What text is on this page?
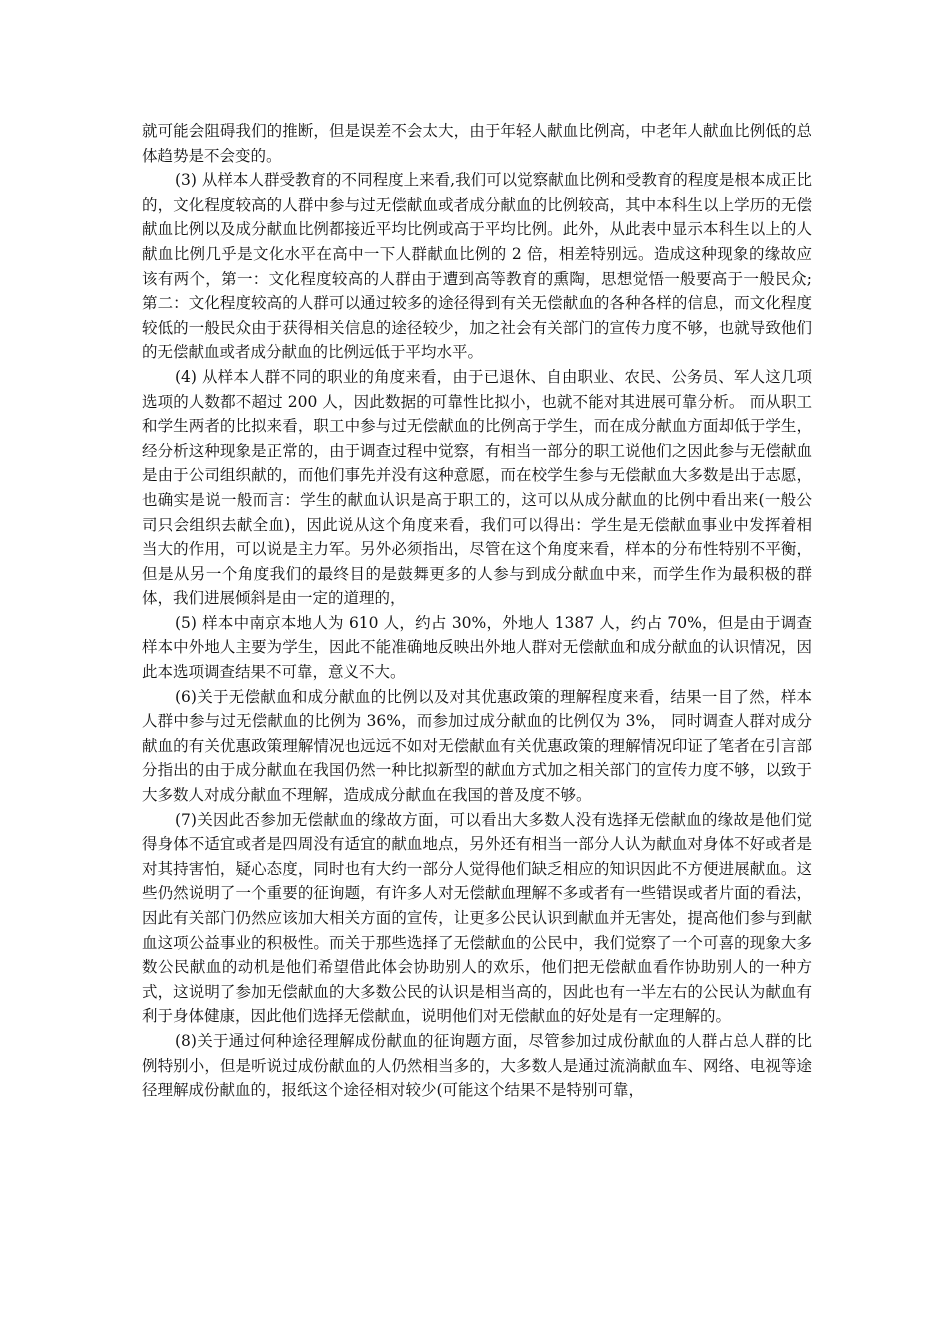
就可能会阻碍我们的推断，但是误差不会太大，由于年轻人献血比例高，中老年人献血比例低的总体趋势是不会变的。

(3) 从样本人群受教育的不同程度上来看,我们可以觉察献血比例和受教育的程度是根本成正比的，文化程度较高的人群中参与过无偿献血或者成分献血的比例较高，其中本科生以上学历的无偿献血比例以及成分献血比例都接近平均比例或高于平均比例。此外，从此表中显示本科生以上的人献血比例几乎是文化水平在高中一下人群献血比例的 2 倍，相差特别远。造成这种现象的缘故应该有两个，第一：文化程度较高的人群由于遭到高等教育的熏陶，思想觉悟一般要高于一般民众;第二：文化程度较高的人群可以通过较多的途径得到有关无偿献血的各种各样的信息，而文化程度较低的一般民众由于获得相关信息的途径较少，加之社会有关部门的宣传力度不够，也就导致他们的无偿献血或者成分献血的比例远低于平均水平。

(4) 从样本人群不同的职业的角度来看，由于已退休、自由职业、农民、公务员、军人这几项选项的人数都不超过 200 人，因此数据的可靠性比拟小，也就不能对其进展可靠分析。 而从职工和学生两者的比拟来看，职工中参与过无偿献血的比例高于学生，而在成分献血方面却低于学生，经分析这种现象是正常的，由于调查过程中觉察，有相当一部分的职工说他们之因此参与无偿献血是由于公司组织献的，而他们事先并没有这种意愿，而在校学生参与无偿献血大多数是出于志愿，也确实是说一般而言：学生的献血认识是高于职工的，这可以从成分献血的比例中看出来(一般公司只会组织去献全血)，因此说从这个角度来看，我们可以得出：学生是无偿献血事业中发挥着相当大的作用，可以说是主力军。另外必须指出，尽管在这个角度来看，样本的分布性特别不平衡，但是从另一个角度我们的最终目的是鼓舞更多的人参与到成分献血中来，而学生作为最积极的群体，我们进展倾斜是由一定的道理的，

(5) 样本中南京本地人为 610 人，约占 30%，外地人 1387 人，约占 70%，但是由于调查样本中外地人主要为学生，因此不能准确地反映出外地人群对无偿献血和成分献血的认识情况，因此本选项调查结果不可靠，意义不大。

(6)关于无偿献血和成分献血的比例以及对其优惠政策的理解程度来看，结果一目了然，样本人群中参与过无偿献血的比例为 36%，而参加过成分献血的比例仅为 3%， 同时调查人群对成分献血的有关优惠政策理解情况也远远不如对无偿献血有关优惠政策的理解情况印证了笔者在引言部分指出的由于成分献血在我国仍然一种比拟新型的献血方式加之相关部门的宣传力度不够，以致于大多数人对成分献血不理解，造成成分献血在我国的普及度不够。

(7)关因此否参加无偿献血的缘故方面，可以看出大多数人没有选择无偿献血的缘故是他们觉得身体不适宜或者是四周没有适宜的献血地点，另外还有相当一部分人认为献血对身体不好或者是对其持害怕，疑心态度，同时也有大约一部分人觉得他们缺乏相应的知识因此不方便进展献血。这些仍然说明了一个重要的征询题，有许多人对无偿献血理解不多或者有一些错误或者片面的看法，因此有关部门仍然应该加大相关方面的宣传，让更多公民认识到献血并无害处，提高他们参与到献血这项公益事业的积极性。而关于那些选择了无偿献血的公民中，我们觉察了一个可喜的现象大多数公民献血的动机是他们希望借此体会协助别人的欢乐，他们把无偿献血看作协助别人的一种方式，这说明了参加无偿献血的大多数公民的认识是相当高的，因此也有一半左右的公民认为献血有利于身体健康，因此他们选择无偿献血，说明他们对无偿献血的好处是有一定理解的。

(8)关于通过何种途径理解成份献血的征询题方面，尽管参加过成份献血的人群占总人群的比例特别小，但是听说过成份献血的人仍然相当多的，大多数人是通过流淌献血车、网络、电视等途径理解成份献血的，报纸这个途径相对较少(可能这个结果不是特别可靠，
